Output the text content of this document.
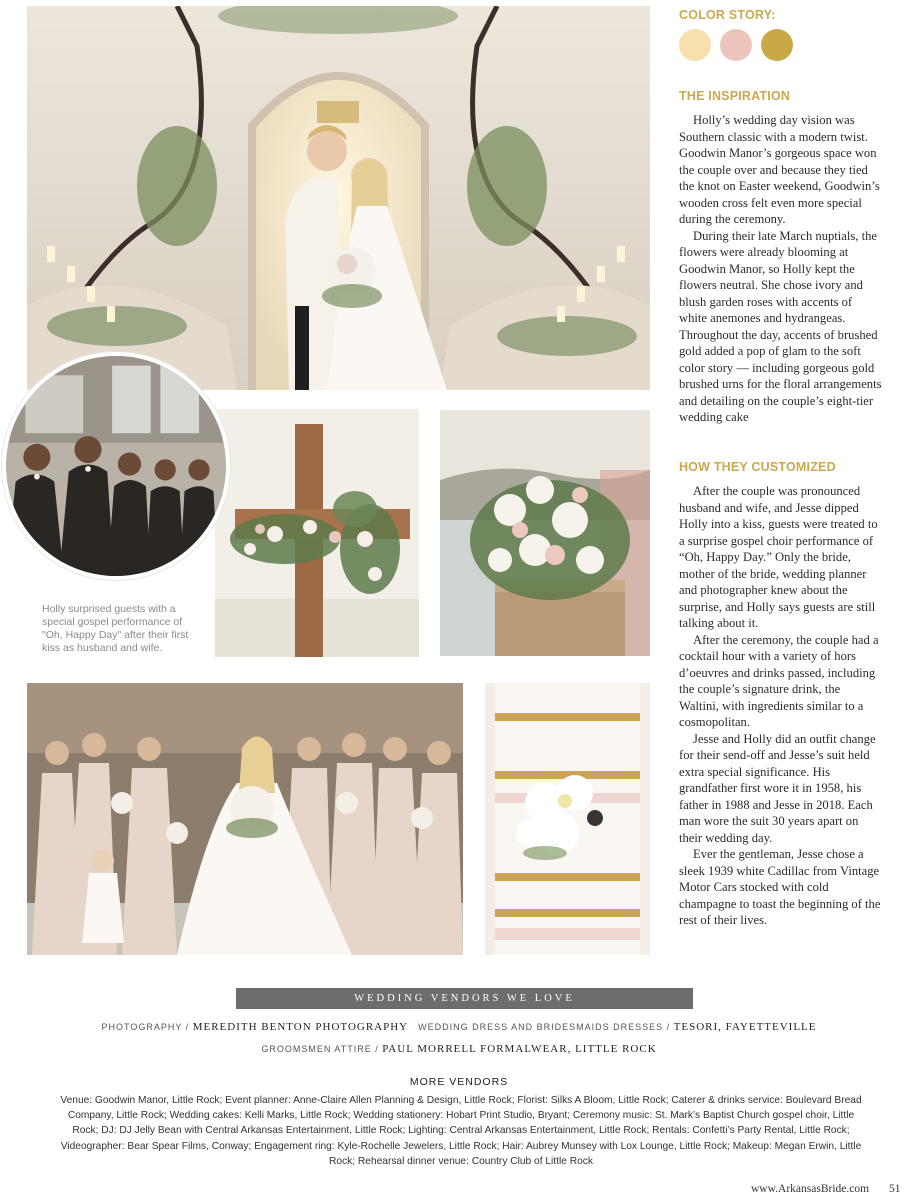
Holly surprised guests with a special gospel performance of "Oh, Happy Day" after their first kiss as husband and wife.
COLOR STORY:
THE INSPIRATION

Holly’s wedding day vision was Southern classic with a modern twist. Goodwin Manor’s gorgeous space won the couple over and because they tied the knot on Easter weekend, Goodwin’s wooden cross felt even more special during the ceremony.

During their late March nuptials, the flowers were already blooming at Goodwin Manor, so Holly kept the flowers neutral. She chose ivory and blush garden roses with accents of white anemones and hydrangeas. Throughout the day, accents of brushed gold added a pop of glam to the soft color story — including gorgeous gold brushed urns for the floral arrangements and detailing on the couple’s eight-tier wedding cake

HOW THEY CUSTOMIZED

After the couple was pronounced husband and wife, and Jesse dipped Holly into a kiss, guests were treated to a surprise gospel choir performance of “Oh, Happy Day.” Only the bride, mother of the bride, wedding planner and photographer knew about the surprise, and Holly says guests are still talking about it.

After the ceremony, the couple had a cocktail hour with a variety of hors d’oeuvres and drinks passed, including the couple’s signature drink, the Waltini, with ingredients similar to a cosmopolitan.

Jesse and Holly did an outfit change for their send-off and Jesse’s suit held extra special significance. His grandfather first wore it in 1958, his father in 1988 and Jesse in 2018. Each man wore the suit 30 years apart on their wedding day.

Ever the gentleman, Jesse chose a sleek 1939 white Cadillac from Vintage Motor Cars stocked with cold champagne to toast the beginning of the rest of their lives.

WEDDING VENDORS WE LOVE
PHOTOGRAPHY / MEREDITH BENTON PHOTOGRAPHY WEDDING DRESS AND BRIDESMAIDS DRESSES / TESORI, FAYETTEVILLE
GROOMSMEN ATTIRE / PAUL MORRELL FORMALWEAR, LITTLE ROCK
MORE VENDORS
Venue: Goodwin Manor, Little Rock; Event planner: Anne-Claire Allen Planning & Design, Little Rock; Florist: Silks A Bloom, Little Rock; Caterer & drinks service: Boulevard Bread Company, Little Rock; Wedding cakes: Kelli Marks, Little Rock; Wedding stationery: Hobart Print Studio, Bryant; Ceremony music: St. Mark’s Baptist Church gospel choir, Little Rock; DJ: DJ Jelly Bean with Central Arkansas Entertainment, Little Rock; Lighting: Central Arkansas Entertainment, Little Rock; Rentals: Confetti’s Party Rental, Little Rock; Videographer: Bear Spear Films, Conway; Engagement ring: Kyle-Rochelle Jewelers, Little Rock; Hair: Aubrey Munsey with Lox Lounge, Little Rock; Makeup: Megan Erwin, Little Rock; Rehearsal dinner venue: Country Club of Little Rock
www.ArkansasBride.com 51
